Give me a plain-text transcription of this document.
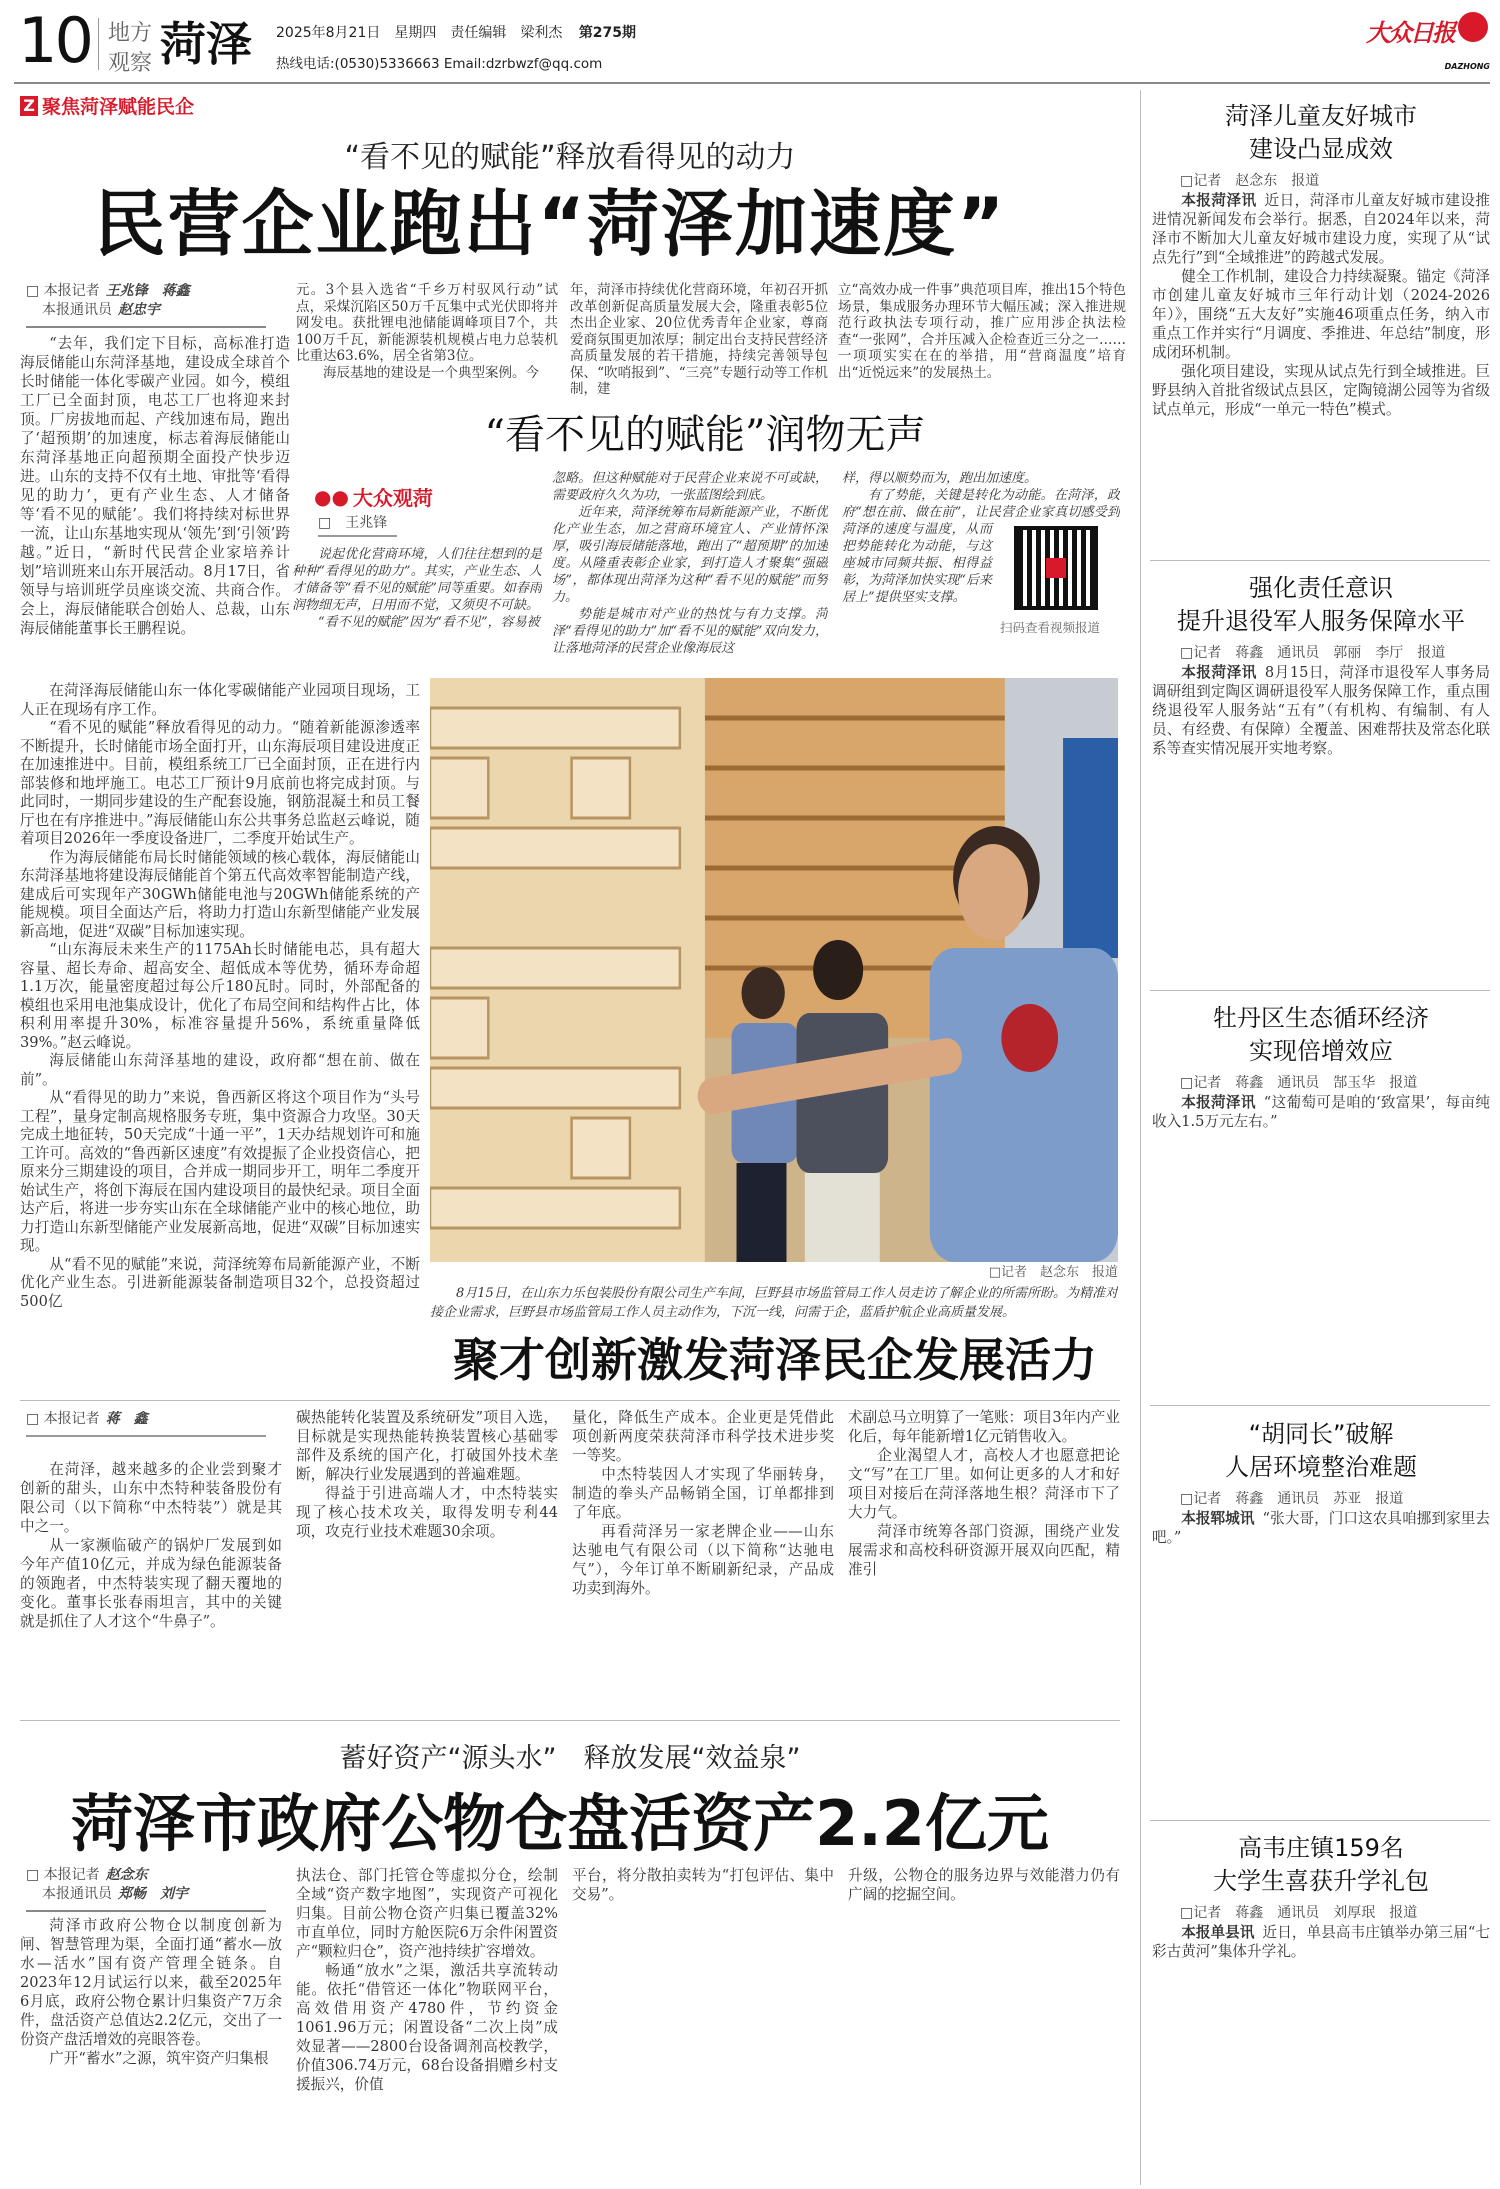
10 地方
观察 菏泽 2025年8月21日　星期四　责任编辑　梁利杰 第275期
热线电话:(0530)5336663 Email:dzrbwzf@qq.com
大众日报
DAZHONG
Z 聚焦菏泽赋能民企
“看不见的赋能”释放看得见的动力
民营企业跑出“菏泽加速度”
□ 本报记者 王兆锋　蒋鑫
本报通讯员 赵忠宇

“去年，我们定下目标，高标准打造海辰储能山东菏泽基地，建设成全球首个长时储能一体化零碳产业园。如今，模组工厂已全面封顶，电芯工厂也将迎来封顶。厂房拔地而起、产线加速布局，跑出了‘超预期’的加速度，标志着海辰储能山东菏泽基地正向超预期全面投产快步迈进。山东的支持不仅有土地、审批等‘看得见的助力’，更有产业生态、人才储备等‘看不见的赋能’。我们将持续对标世界一流，让山东基地实现从‘领先’到‘引领’跨越。”近日，“新时代民营企业家培养计划”培训班来山东开展活动。8月17日，省领导与培训班学员座谈交流、共商合作。会上，海辰储能联合创始人、总裁，山东海辰储能董事长王鹏程说。

在菏泽海辰储能山东一体化零碳储能产业园项目现场，工人正在现场有序工作。

“看不见的赋能”释放看得见的动力。“随着新能源渗透率不断提升，长时储能市场全面打开，山东海辰项目建设进度正在加速推进中。目前，模组系统工厂已全面封顶，正在进行内部装修和地坪施工。电芯工厂预计9月底前也将完成封顶。与此同时，一期同步建设的生产配套设施，钢筋混凝土和员工餐厅也在有序推进中。”海辰储能山东公共事务总监赵云峰说，随着项目2026年一季度设备进厂，二季度开始试生产。

作为海辰储能布局长时储能领域的核心载体，海辰储能山东菏泽基地将建设海辰储能首个第五代高效率智能制造产线，建成后可实现年产30GWh储能电池与20GWh储能系统的产能规模。项目全面达产后，将助力打造山东新型储能产业发展新高地，促进“双碳”目标加速实现。

“山东海辰未来生产的1175Ah长时储能电芯，具有超大容量、超长寿命、超高安全、超低成本等优势，循环寿命超1.1万次，能量密度超过每公斤180瓦时。同时，外部配备的模组也采用电池集成设计，优化了布局空间和结构件占比，体积利用率提升30%，标准容量提升56%，系统重量降低39%。”赵云峰说。

海辰储能山东菏泽基地的建设，政府都“想在前、做在前”。

从“看得见的助力”来说，鲁西新区将这个项目作为“头号工程”，量身定制高规格服务专班，集中资源合力攻坚。30天完成土地征转，50天完成“十通一平”，1天办结规划许可和施工许可。高效的“鲁西新区速度”有效提振了企业投资信心，把原来分三期建设的项目，合并成一期同步开工，明年二季度开始试生产，将创下海辰在国内建设项目的最快纪录。项目全面达产后，将进一步夯实山东在全球储能产业中的核心地位，助力打造山东新型储能产业发展新高地，促进“双碳”目标加速实现。

从“看不见的赋能”来说，菏泽统筹布局新能源产业，不断优化产业生态。引进新能源装备制造项目32个，总投资超过500亿

元。3个县入选省“千乡万村驭风行动”试点，采煤沉陷区50万千瓦集中式光伏即将并网发电。获批锂电池储能调峰项目7个，共100万千瓦，新能源装机规模占电力总装机比重达63.6%，居全省第3位。

海辰基地的建设是一个典型案例。今

年，菏泽市持续优化营商环境，年初召开抓改革创新促高质量发展大会，隆重表彰5位杰出企业家、20位优秀青年企业家，尊商爱商氛围更加浓厚；制定出台支持民营经济高质量发展的若干措施，持续完善领导包保、“吹哨报到”、“三亮”专题行动等工作机制，建

立“高效办成一件事”典范项目库，推出15个特色场景，集成服务办理环节大幅压减；深入推进规范行政执法专项行动，推广应用涉企执法检查“一张网”，合并压减入企检查近三分之一……一项项实实在在的举措，用“营商温度”培育出“近悦远来”的发展热土。

“看不见的赋能”润物无声
●● 大众观菏
□　王兆锋

说起优化营商环境，人们往往想到的是种种“看得见的助力”。其实，产业生态、人才储备等“看不见的赋能”同等重要。如春雨润物细无声，日用而不觉，又须臾不可缺。

“看不见的赋能”因为“看不见”，容易被

忽略。但这种赋能对于民营企业来说不可或缺，需要政府久久为功，一张蓝图绘到底。

近年来，菏泽统筹布局新能源产业，不断优化产业生态，加之营商环境宜人、产业情怀深厚，吸引海辰储能落地，跑出了“超预期”的加速度。从隆重表彰企业家，到打造人才聚集“强磁场”，都体现出菏泽为这种“看不见的赋能”而努力。

势能是城市对产业的热忱与有力支撑。菏泽“看得见的助力”加“看不见的赋能”双向发力，让落地菏泽的民营企业像海辰这

扫码查看视频报道

样，得以顺势而为，跑出加速度。

有了势能，关键是转化为动能。在菏泽，政府“想在前、做在前”，让民营企业家真切感受到菏泽的速度与温度，从而把势能转化为动能，与这座城市同频共振、相得益彰，为菏泽加快实现“后来居上”提供坚实支撑。

□记者　赵念东　报道

8月15日，在山东力乐包装股份有限公司生产车间，巨野县市场监管局工作人员走访了解企业的所需所盼。为精准对接企业需求，巨野县市场监管局工作人员主动作为，下沉一线，问需于企，蓝盾护航企业高质量发展。

聚才创新激发菏泽民企发展活力
□ 本报记者 蒋　鑫

在菏泽，越来越多的企业尝到聚才创新的甜头，山东中杰特种装备股份有限公司（以下简称“中杰特装”）就是其中之一。

从一家濒临破产的锅炉厂发展到如今年产值10亿元，并成为绿色能源装备的领跑者，中杰特装实现了翻天覆地的变化。董事长张春雨坦言，其中的关键就是抓住了人才这个“牛鼻子”。

碳热能转化装置及系统研发”项目入选，目标就是实现热能转换装置核心基础零部件及系统的国产化，打破国外技术垄断，解决行业发展遇到的普遍难题。

得益于引进高端人才，中杰特装实现了核心技术攻关，取得发明专利44项，攻克行业技术难题30余项。

量化，降低生产成本。企业更是凭借此项创新两度荣获菏泽市科学技术进步奖一等奖。

中杰特装因人才实现了华丽转身，制造的拳头产品畅销全国，订单都排到了年底。

再看菏泽另一家老牌企业——山东达驰电气有限公司（以下简称“达驰电气”），今年订单不断刷新纪录，产品成功卖到海外。

术副总马立明算了一笔账：项目3年内产业化后，每年能新增1亿元销售收入。

企业渴望人才，高校人才也愿意把论文“写”在工厂里。如何让更多的人才和好项目对接后在菏泽落地生根？菏泽市下了大力气。

菏泽市统筹各部门资源，围绕产业发展需求和高校科研资源开展双向匹配，精准引

蓄好资产“源头水”　释放发展“效益泉”
菏泽市政府公物仓盘活资产2.2亿元
□ 本报记者 赵念东
本报通讯员 郑畅　刘宇

菏泽市政府公物仓以制度创新为闸、智慧管理为渠，全面打通“蓄水—放水—活水”国有资产管理全链条。自2023年12月试运行以来，截至2025年6月底，政府公物仓累计归集资产7万余件，盘活资产总值达2.2亿元，交出了一份资产盘活增效的亮眼答卷。

广开“蓄水”之源，筑牢资产归集根

执法仓、部门托管仓等虚拟分仓，绘制全域“资产数字地图”，实现资产可视化归集。目前公物仓资产归集已覆盖32%市直单位，同时方舱医院6万余件闲置资产“颗粒归仓”，资产池持续扩容增效。

畅通“放水”之渠，激活共享流转动能。依托“借管还一体化”物联网平台，高效借用资产4780件，节约资金1061.96万元；闲置设备“二次上岗”成效显著——2800台设备调剂高校教学，价值306.74万元，68台设备捐赠乡村支援振兴，价值

平台，将分散拍卖转为“打包评估、集中交易”。

升级，公物仓的服务边界与效能潜力仍有广阔的挖掘空间。

菏泽儿童友好城市
建设凸显成效
□记者　赵念东　报道

本报菏泽讯 近日，菏泽市儿童友好城市建设推进情况新闻发布会举行。据悉，自2024年以来，菏泽市不断加大儿童友好城市建设力度，实现了从“试点先行”到“全域推进”的跨越式发展。

健全工作机制，建设合力持续凝聚。锚定《菏泽市创建儿童友好城市三年行动计划（2024-2026年）》，围绕“五大友好”实施46项重点任务，纳入市重点工作并实行“月调度、季推进、年总结”制度，形成闭环机制。

强化项目建设，实现从试点先行到全域推进。巨野县纳入首批省级试点县区，定陶镜湖公园等为省级试点单元，形成“一单元一特色”模式。

强化责任意识
提升退役军人服务保障水平
□记者　蒋鑫　通讯员　郭丽　李厅　报道

本报菏泽讯 8月15日，菏泽市退役军人事务局调研组到定陶区调研退役军人服务保障工作，重点围绕退役军人服务站“五有”（有机构、有编制、有人员、有经费、有保障）全覆盖、困难帮扶及常态化联系等查实情况展开实地考察。

牡丹区生态循环经济
实现倍增效应
□记者　蒋鑫　通讯员　郜玉华　报道

本报菏泽讯 “这葡萄可是咱的‘致富果’，每亩纯收入1.5万元左右。”

“胡同长”破解
人居环境整治难题
□记者　蒋鑫　通讯员　苏亚　报道

本报郓城讯 “张大哥，门口这农具咱挪到家里去吧。”

高韦庄镇159名
大学生喜获升学礼包
□记者　蒋鑫　通讯员　刘厚珉　报道

本报单县讯 近日，单县高韦庄镇举办第三届“七彩古黄河”集体升学礼。
